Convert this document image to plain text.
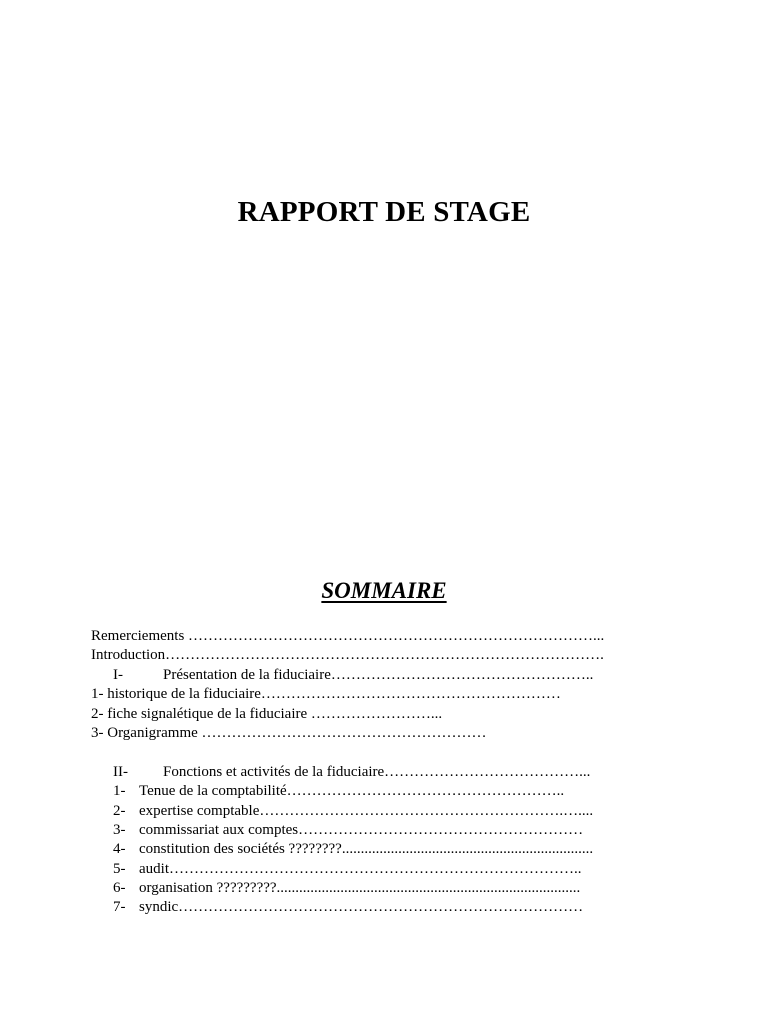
RAPPORT DE STAGE
SOMMAIRE
Remerciements ………………………………………………………………………...
Introduction…………………………………………………………………………….
I-	Présentation de la fiduciaire……………………………………………..
1- historique de la fiduciaire……………………………………………………
2- fiche signalétique de la fiduciaire ……………………...
3- Organigramme …………………………………………………
II- Fonctions et activités de la fiduciaire…………………………………...
1- Tenue de la comptabilité………………………………………………..
2- expertise comptable…………………………………………………….…....
3- commissariat aux comptes…………………………………………………
4- constitution des sociétés ????????...................................................................
5- audit………………………………………………………………………..
6- organisation ?????????.................................................................................
7- syndic………………………………………………………………………
